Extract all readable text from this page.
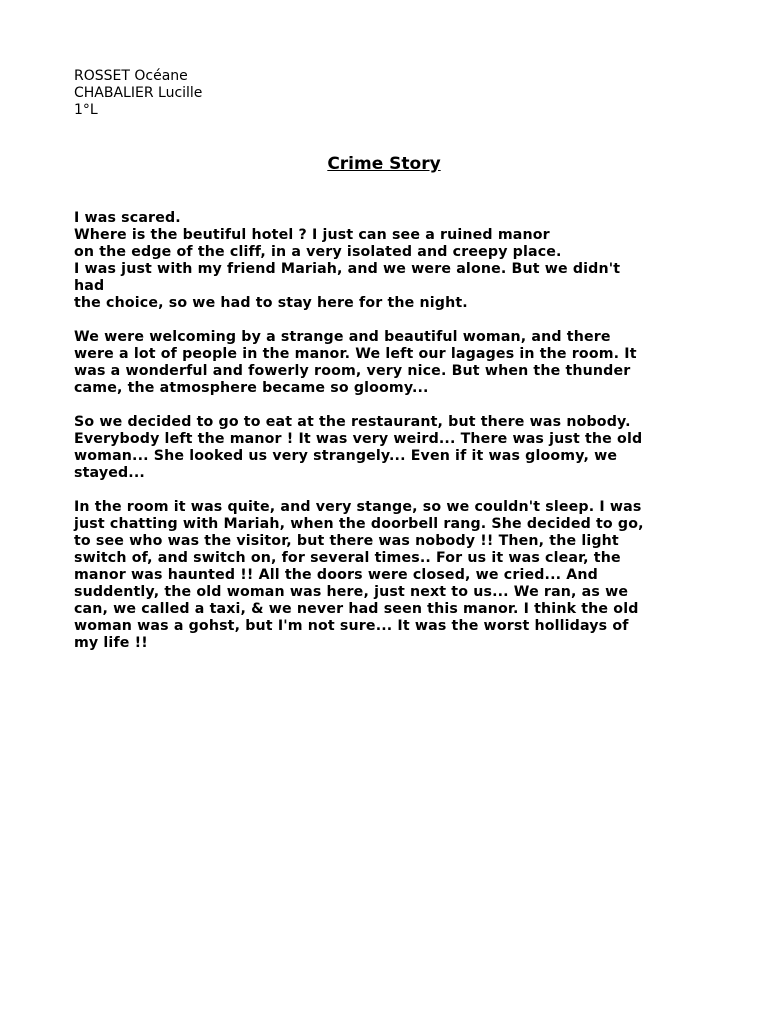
ROSSET Océane
CHABALIER Lucille
1°L
Crime Story
I was scared.
Where is the beutiful hotel ? I just can see a ruined manor
on the edge of the cliff, in a very isolated and creepy place.
I was just with my friend Mariah, and we were alone. But we didn't
had
the choice, so we had to stay here for the night.
We were welcoming by a strange and beautiful woman, and there
were a lot of people in the manor. We left our lagages in the room. It
was a wonderful and fowerly room, very nice. But when the thunder
came, the atmosphere became so gloomy...
So we decided to go to eat at the restaurant, but there was nobody.
Everybody left the manor ! It was very weird... There was just the old
woman... She looked us very strangely... Even if it was gloomy, we
stayed...
In the room it was quite, and very stange, so we couldn't sleep. I was
just chatting with Mariah, when the doorbell rang. She decided to go,
to see who was the visitor, but there was nobody !! Then, the light
switch of, and switch on, for several times.. For us it was clear, the
manor was haunted !! All the doors were closed, we cried... And
suddently, the old woman was here, just next to us... We ran, as we
can, we called a taxi, & we never had seen this manor. I think the old
woman was a gohst, but I'm not sure... It was the worst hollidays of
my life !!
